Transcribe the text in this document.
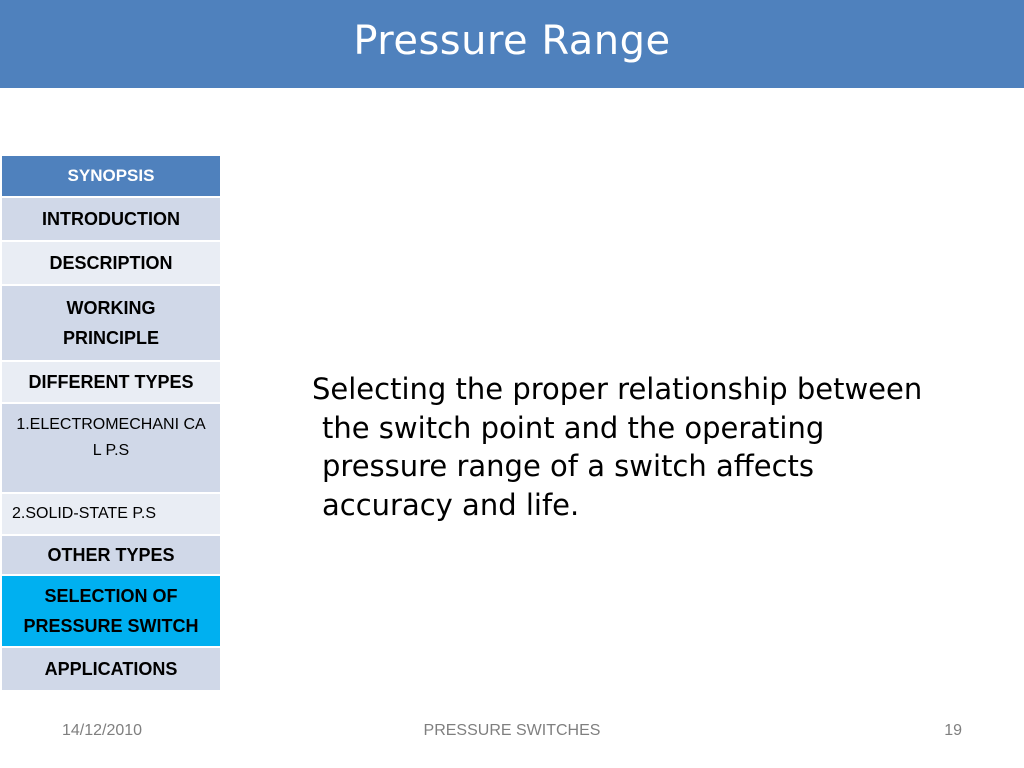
Pressure Range
SYNOPSIS
INTRODUCTION
DESCRIPTION
WORKING PRINCIPLE
DIFFERENT TYPES
1.ELECTROMECHANI CAL P.S
2.SOLID-STATE P.S
OTHER TYPES
SELECTION OF PRESSURE SWITCH
APPLICATIONS
Selecting the proper relationship between the switch point and the operating pressure range of a switch affects accuracy and life.
14/12/2010	PRESSURE SWITCHES	19
